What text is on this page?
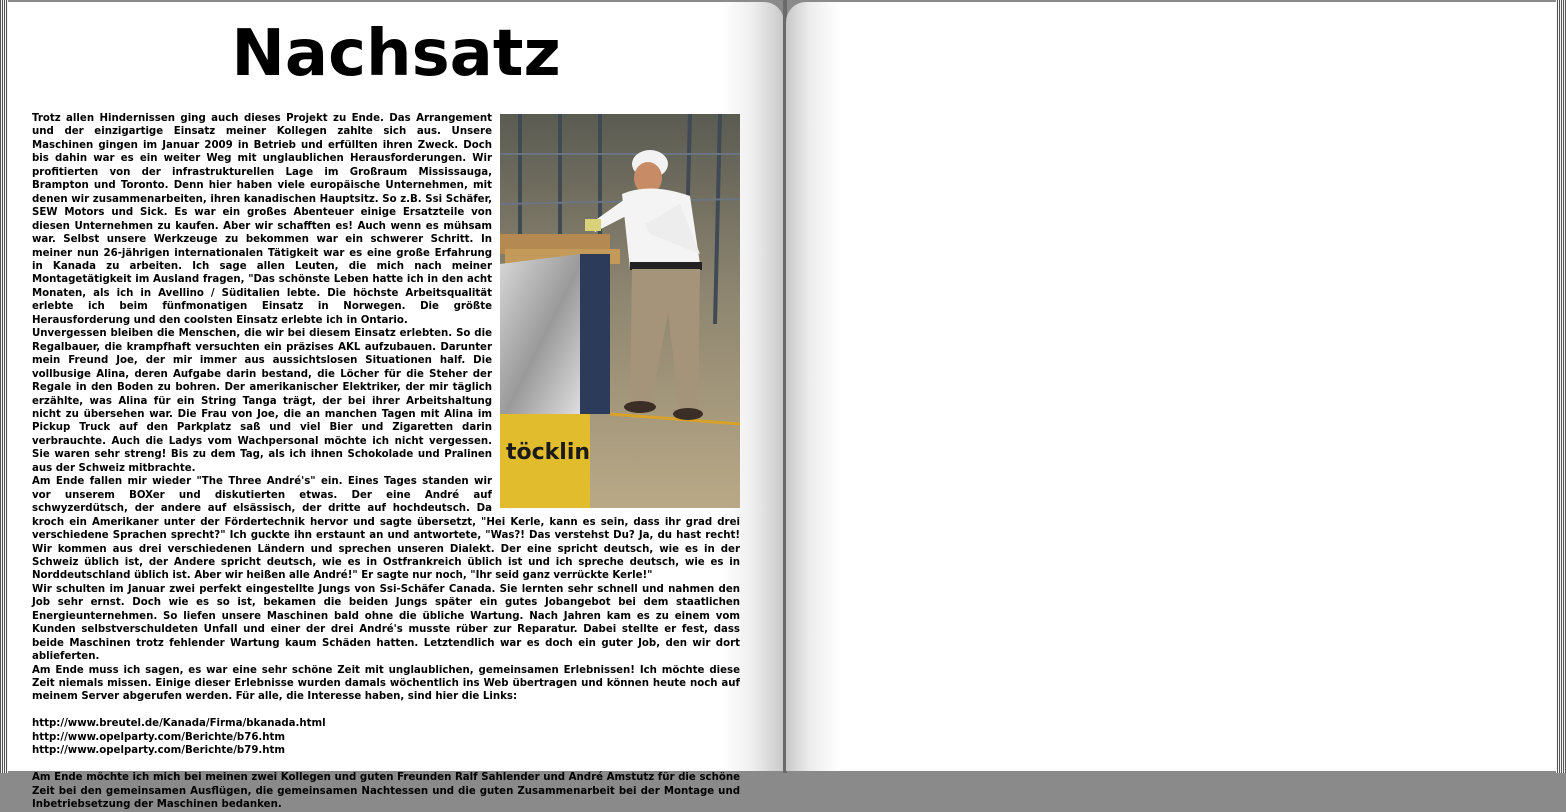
Nachsatz
töcklin

Trotz allen Hindernissen ging auch dieses Projekt zu Ende. Das Arrangement und der einzigartige Einsatz meiner Kollegen zahlte sich aus. Unsere Maschinen gingen im Januar 2009 in Betrieb und erfüllten ihren Zweck. Doch bis dahin war es ein weiter Weg mit unglaublichen Herausforderungen. Wir profitierten von der infrastrukturellen Lage im Großraum Mississauga, Brampton und Toronto. Denn hier haben viele europäische Unternehmen, mit denen wir zusammenarbeiten, ihren kanadischen Hauptsitz. So z.B. Ssi Schäfer, SEW Motors und Sick. Es war ein großes Abenteuer einige Ersatzteile von diesen Unternehmen zu kaufen. Aber wir schafften es! Auch wenn es mühsam war. Selbst unsere Werkzeuge zu bekommen war ein schwerer Schritt. In meiner nun 26-jährigen internationalen Tätigkeit war es eine große Erfahrung in Kanada zu arbeiten. Ich sage allen Leuten, die mich nach meiner Montagetätigkeit im Ausland fragen, "Das schönste Leben hatte ich in den acht Monaten, als ich in Avellino / Süditalien lebte. Die höchste Arbeitsqualität erlebte ich beim fünfmonatigen Einsatz in Norwegen. Die größte Herausforderung und den coolsten Einsatz erlebte ich in Ontario.

Unvergessen bleiben die Menschen, die wir bei diesem Einsatz erlebten. So die Regalbauer, die krampfhaft versuchten ein präzises AKL aufzubauen. Darunter mein Freund Joe, der mir immer aus aussichtslosen Situationen half. Die vollbusige Alina, deren Aufgabe darin bestand, die Löcher für die Steher der Regale in den Boden zu bohren. Der amerikanischer Elektriker, der mir täglich erzählte, was Alina für ein String Tanga trägt, der bei ihrer Arbeitshaltung nicht zu übersehen war. Die Frau von Joe, die an manchen Tagen mit Alina im Pickup Truck auf den Parkplatz saß und viel Bier und Zigaretten darin verbrauchte. Auch die Ladys vom Wachpersonal möchte ich nicht vergessen. Sie waren sehr streng! Bis zu dem Tag, als ich ihnen Schokolade und Pralinen aus der Schweiz mitbrachte.

Am Ende fallen mir wieder "The Three André's" ein. Eines Tages standen wir vor unserem BOXer und diskutierten etwas. Der eine André auf schwyzerdütsch, der andere auf elsässisch, der dritte auf hochdeutsch. Da kroch ein Amerikaner unter der Fördertechnik hervor und sagte übersetzt, "Hei Kerle, kann es sein, dass ihr grad drei verschiedene Sprachen sprecht?" Ich guckte ihn erstaunt an und antwortete, "Was?! Das verstehst Du? Ja, du hast recht! Wir kommen aus drei verschiedenen Ländern und sprechen unseren Dialekt. Der eine spricht deutsch, wie es in der Schweiz üblich ist, der Andere spricht deutsch, wie es in Ostfrankreich üblich ist und ich spreche deutsch, wie es in Norddeutschland üblich ist. Aber wir heißen alle André!" Er sagte nur noch, "Ihr seid ganz verrückte Kerle!"

Wir schulten im Januar zwei perfekt eingestellte Jungs von Ssi-Schäfer Canada. Sie lernten sehr schnell und nahmen den Job sehr ernst. Doch wie es so ist, bekamen die beiden Jungs später ein gutes Jobangebot bei dem staatlichen Energieunternehmen. So liefen unsere Maschinen bald ohne die übliche Wartung. Nach Jahren kam es zu einem vom Kunden selbstverschuldeten Unfall und einer der drei André's musste rüber zur Reparatur. Dabei stellte er fest, dass beide Maschinen trotz fehlender Wartung kaum Schäden hatten. Letztendlich war es doch ein guter Job, den wir dort ablieferten.

Am Ende muss ich sagen, es war eine sehr schöne Zeit mit unglaublichen, gemeinsamen Erlebnissen! Ich möchte diese Zeit niemals missen. Einige dieser Erlebnisse wurden damals wöchentlich ins Web übertragen und können heute noch auf meinem Server abgerufen werden. Für alle, die Interesse haben, sind hier die Links:

http://www.breutel.de/Kanada/Firma/bkanada.html

http://www.opelparty.com/Berichte/b76.htm

http://www.opelparty.com/Berichte/b79.htm

Am Ende möchte ich mich bei meinen zwei Kollegen und guten Freunden Ralf Sahlender und André Amstutz für die schöne Zeit bei den gemeinsamen Ausflügen, die gemeinsamen Nachtessen und die guten Zusammenarbeit bei der Montage und Inbetriebsetzung der Maschinen bedanken.
